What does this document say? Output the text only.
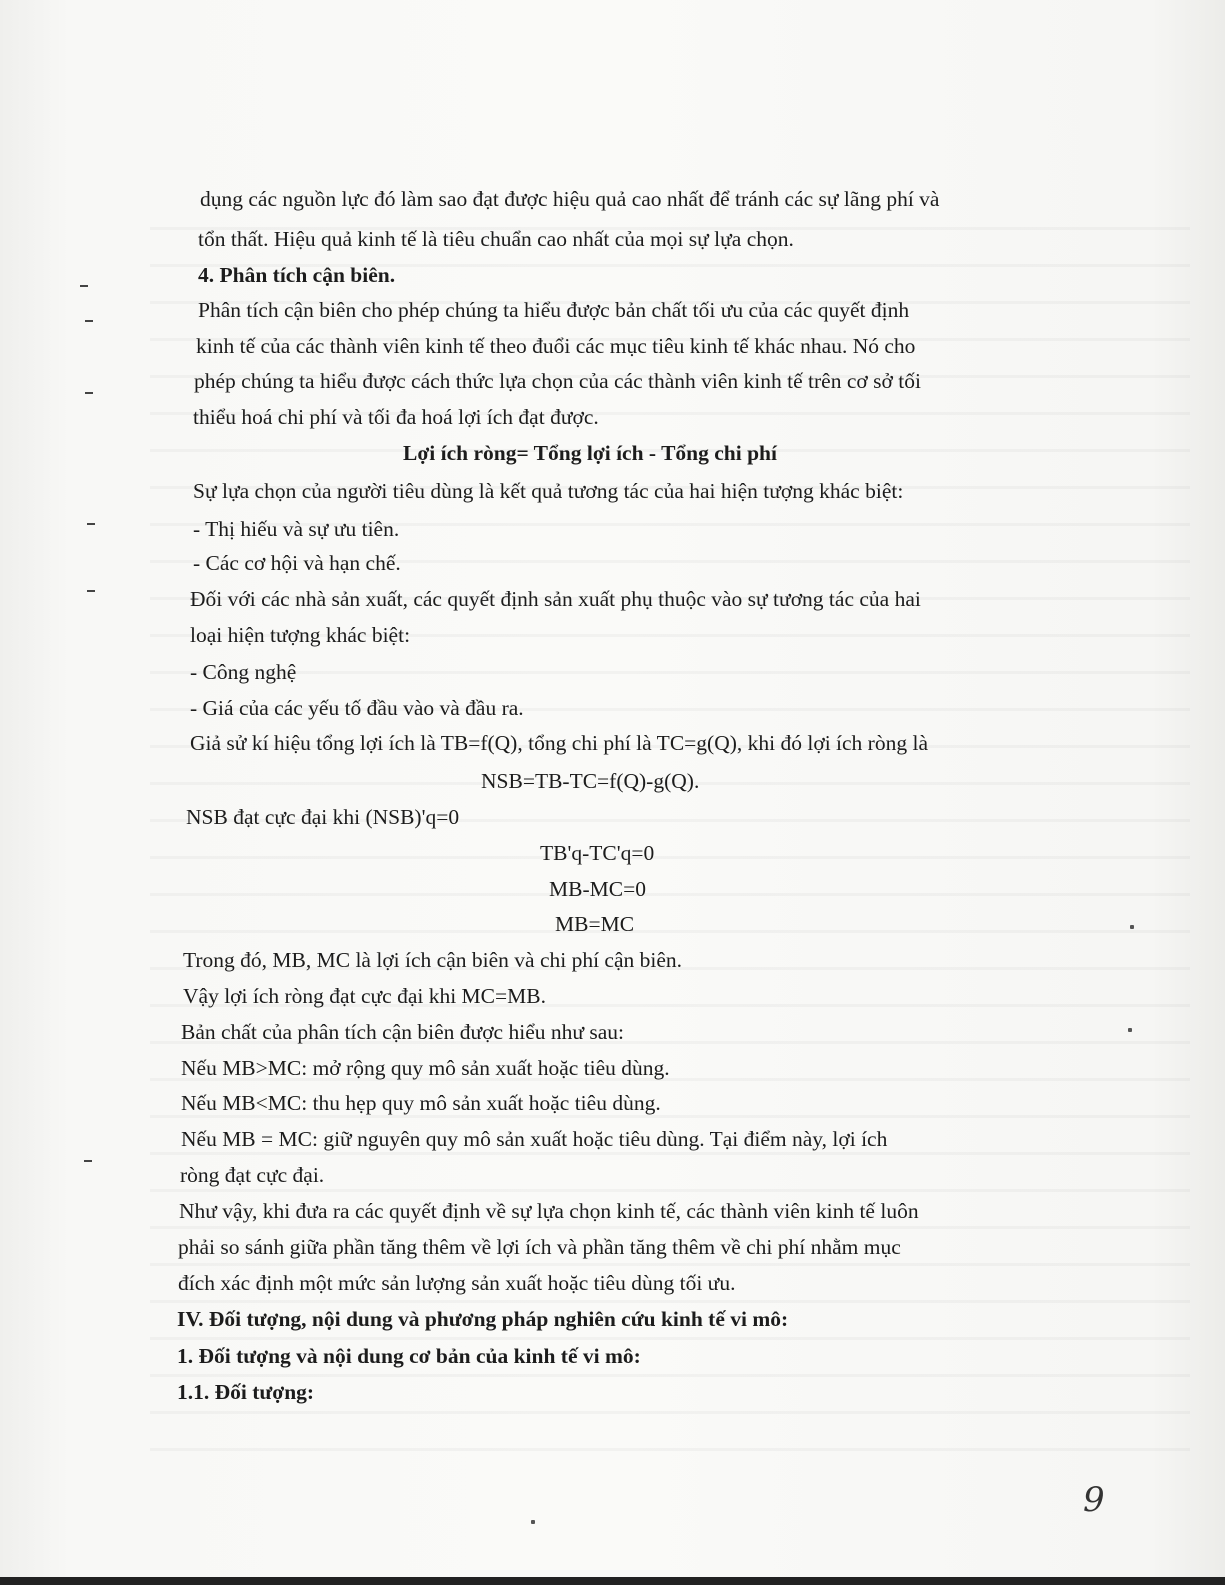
dụng các nguồn lực đó làm sao đạt được hiệu quả cao nhất để tránh các sự lãng phí và
tổn thất. Hiệu quả kinh tế là tiêu chuẩn cao nhất của mọi sự lựa chọn.
4. Phân tích cận biên.
Phân tích cận biên cho phép chúng ta hiểu được bản chất tối ưu của các quyết định
kinh tế của các thành viên kinh tế theo đuổi các mục tiêu kinh tế khác nhau. Nó cho
phép chúng ta hiểu được cách thức lựa chọn của các thành viên kinh tế trên cơ sở tối
thiểu hoá chi phí và tối đa hoá lợi ích đạt được.
Lợi ích ròng= Tổng lợi ích - Tổng chi phí
Sự lựa chọn của người tiêu dùng là kết quả tương tác của hai hiện tượng khác biệt:
- Thị hiếu và sự ưu tiên.
- Các cơ hội và hạn chế.
Đối với các nhà sản xuất, các quyết định sản xuất phụ thuộc vào sự tương tác của hai
loại hiện tượng khác biệt:
- Công nghệ
- Giá của các yếu tố đầu vào và đầu ra.
Giả sử kí hiệu tổng lợi ích là TB=f(Q), tổng chi phí là TC=g(Q), khi đó lợi ích ròng là
NSB=TB-TC=f(Q)-g(Q).
NSB đạt cực đại khi (NSB)'q=0
TB'q-TC'q=0
MB-MC=0
MB=MC
Trong đó, MB, MC là lợi ích cận biên và chi phí cận biên.
Vậy lợi ích ròng đạt cực đại khi MC=MB.
Bản chất của phân tích cận biên được hiểu như sau:
Nếu MB>MC: mở rộng quy mô sản xuất hoặc tiêu dùng.
Nếu MB<MC: thu hẹp quy mô sản xuất hoặc tiêu dùng.
Nếu MB = MC: giữ nguyên quy mô sản xuất hoặc tiêu dùng. Tại điểm này, lợi ích
ròng đạt cực đại.
Như vậy, khi đưa ra các quyết định về sự lựa chọn kinh tế, các thành viên kinh tế luôn
phải so sánh giữa phần tăng thêm về lợi ích và phần tăng thêm về chi phí nhằm mục
đích xác định một mức sản lượng sản xuất hoặc tiêu dùng tối ưu.
IV. Đối tượng, nội dung và phương pháp nghiên cứu kinh tế vi mô:
1. Đối tượng và nội dung cơ bản của kinh tế vi mô:
1.1. Đối tượng:
9
